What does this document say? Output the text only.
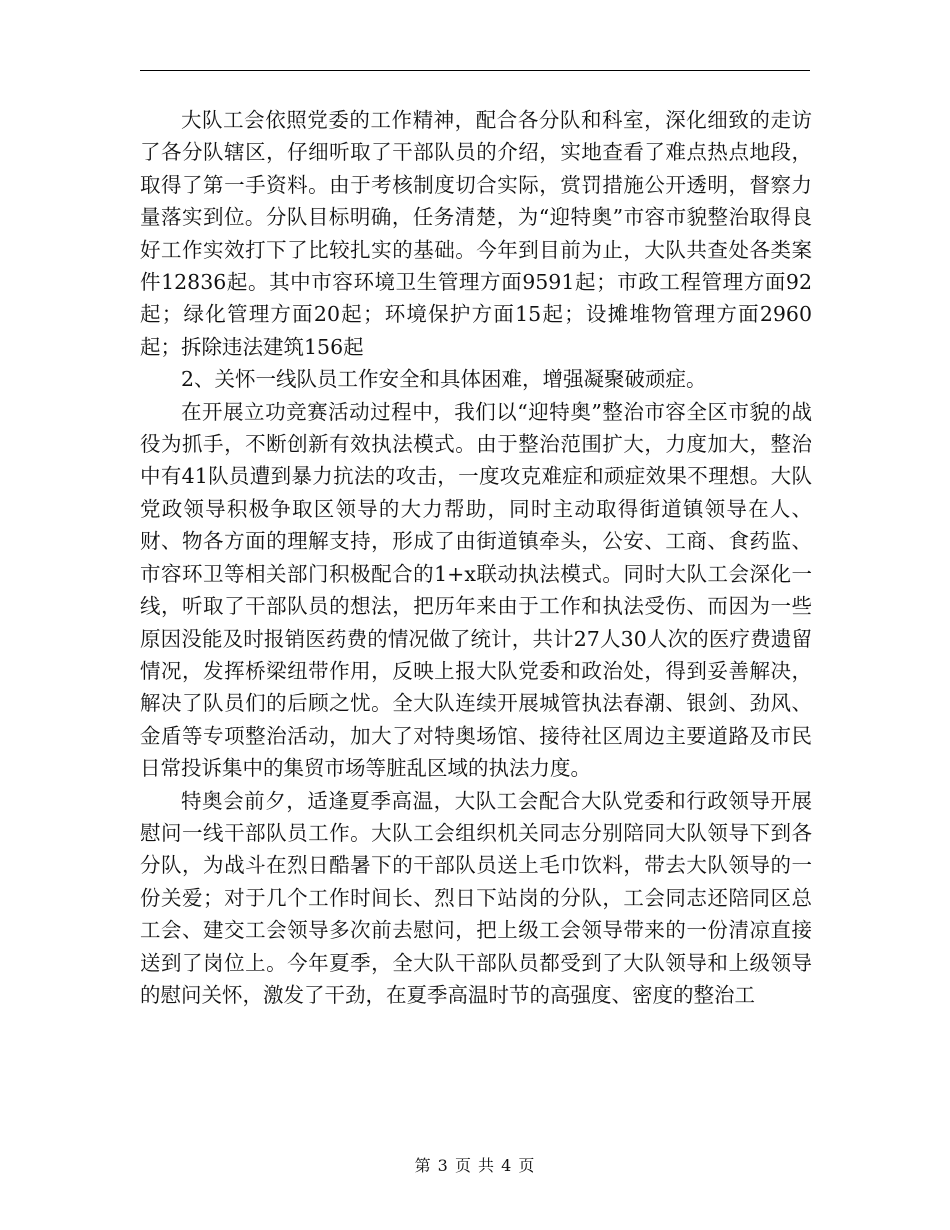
大队工会依照党委的工作精神，配合各分队和科室，深化细致的走访了各分队辖区，仔细听取了干部队员的介绍，实地查看了难点热点地段，取得了第一手资料。由于考核制度切合实际，赏罚措施公开透明，督察力量落实到位。分队目标明确，任务清楚，为“迎特奥”市容市貌整治取得良好工作实效打下了比较扎实的基础。今年到目前为止，大队共查处各类案件12836起。其中市容环境卫生管理方面9591起；市政工程管理方面92起；绿化管理方面20起；环境保护方面15起；设摊堆物管理方面2960起；拆除违法建筑156起

2、关怀一线队员工作安全和具体困难，增强凝聚破顽症。

在开展立功竞赛活动过程中，我们以“迎特奥”整治市容全区市貌的战役为抓手，不断创新有效执法模式。由于整治范围扩大，力度加大，整治中有41队员遭到暴力抗法的攻击，一度攻克难症和顽症效果不理想。大队党政领导积极争取区领导的大力帮助，同时主动取得街道镇领导在人、财、物各方面的理解支持，形成了由街道镇牵头，公安、工商、食药监、市容环卫等相关部门积极配合的1+x联动执法模式。同时大队工会深化一线，听取了干部队员的想法，把历年来由于工作和执法受伤、而因为一些原因没能及时报销医药费的情况做了统计，共计27人30人次的医疗费遗留情况，发挥桥梁纽带作用，反映上报大队党委和政治处，得到妥善解决，解决了队员们的后顾之忧。全大队连续开展城管执法春潮、银剑、劲风、金盾等专项整治活动，加大了对特奥场馆、接待社区周边主要道路及市民日常投诉集中的集贸市场等脏乱区域的执法力度。

特奥会前夕，适逢夏季高温，大队工会配合大队党委和行政领导开展慰问一线干部队员工作。大队工会组织机关同志分别陪同大队领导下到各分队，为战斗在烈日酷暑下的干部队员送上毛巾饮料，带去大队领导的一份关爱；对于几个工作时间长、烈日下站岗的分队，工会同志还陪同区总工会、建交工会领导多次前去慰问，把上级工会领导带来的一份清凉直接送到了岗位上。今年夏季，全大队干部队员都受到了大队领导和上级领导的慰问关怀，激发了干劲，在夏季高温时节的高强度、密度的整治工

第 3 页 共 4 页
